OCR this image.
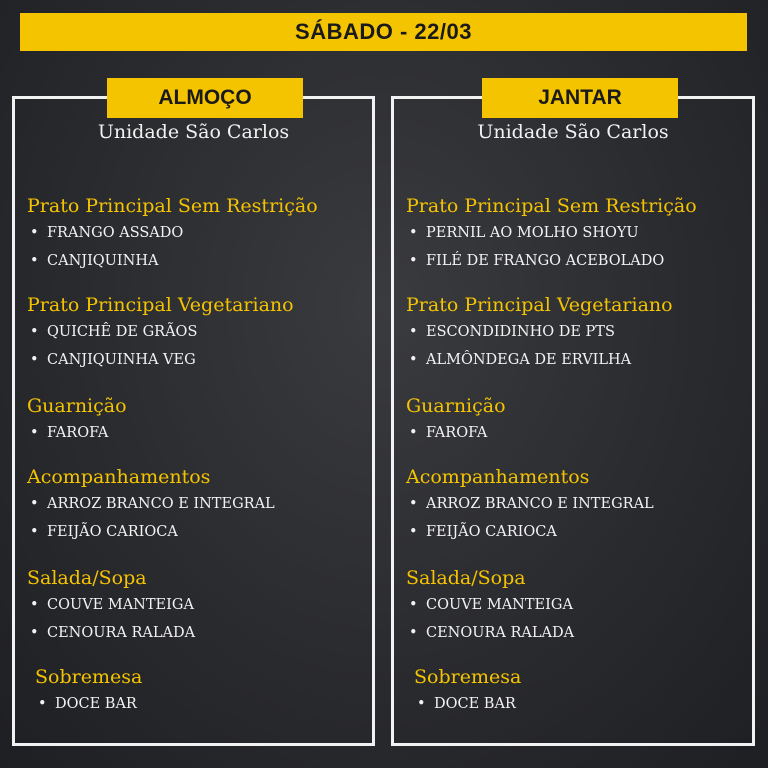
SÁBADO - 22/03
ALMOÇO
Unidade São Carlos
Prato Principal Sem Restrição
• FRANGO ASSADO
• CANJIQUINHA
Prato Principal Vegetariano
• QUICHÊ DE GRÃOS
• CANJIQUINHA VEG
Guarnição
• FAROFA
Acompanhamentos
• ARROZ BRANCO E INTEGRAL
• FEIJÃO CARIOCA
Salada/Sopa
• COUVE MANTEIGA
• CENOURA RALADA
Sobremesa
• DOCE BAR
JANTAR
Unidade São Carlos
Prato Principal Sem Restrição
• PERNIL AO MOLHO SHOYU
• FILÉ DE FRANGO ACEBOLADO
Prato Principal Vegetariano
• ESCONDIDINHO DE PTS
• ALMÔNDEGA DE ERVILHA
Guarnição
• FAROFA
Acompanhamentos
• ARROZ BRANCO E INTEGRAL
• FEIJÃO CARIOCA
Salada/Sopa
• COUVE MANTEIGA
• CENOURA RALADA
Sobremesa
• DOCE BAR
